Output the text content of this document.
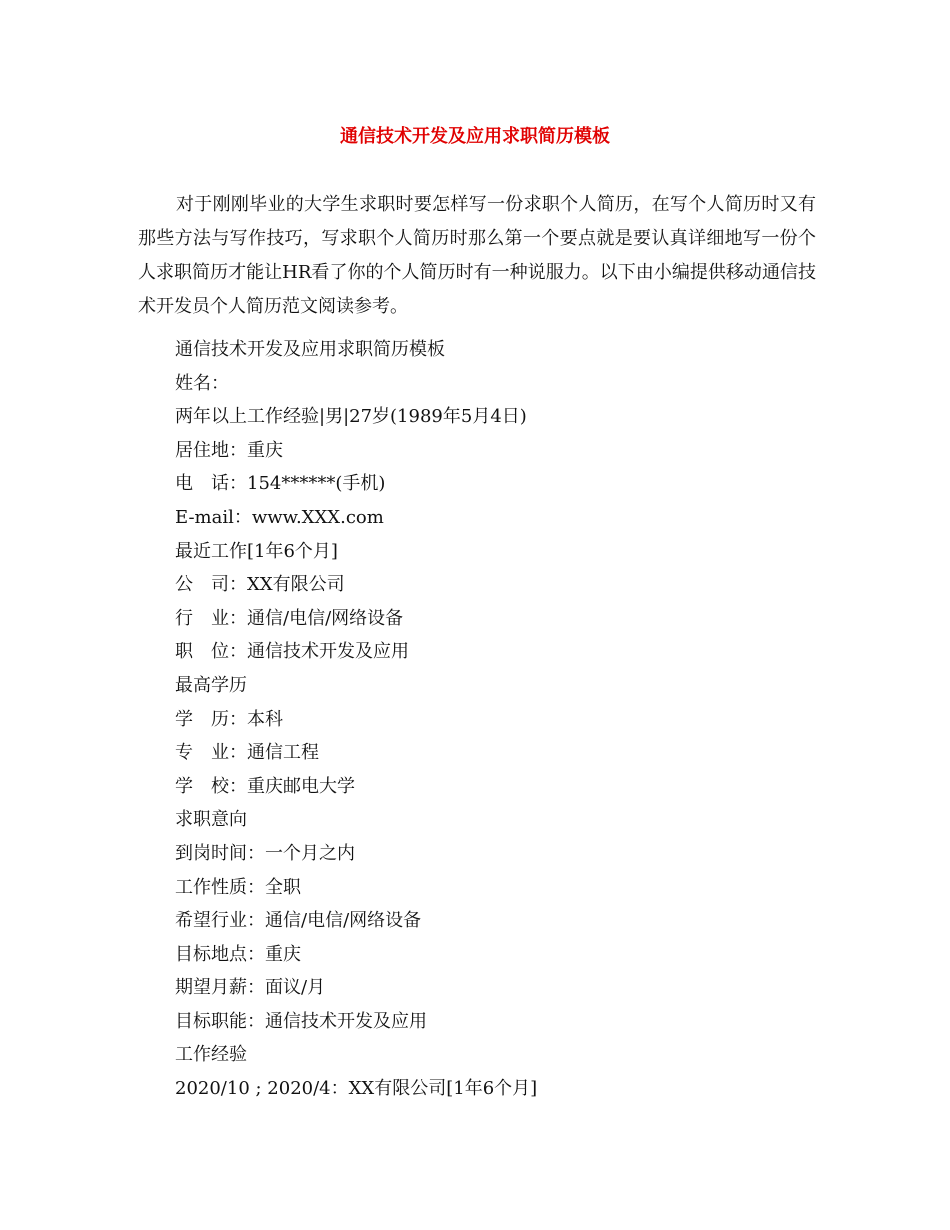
通信技术开发及应用求职简历模板

对于刚刚毕业的大学生求职时要怎样写一份求职个人简历，在写个人简历时又有那些方法与写作技巧，写求职个人简历时那么第一个要点就是要认真详细地写一份个人求职简历才能让HR看了你的个人简历时有一种说服力。以下由小编提供移动通信技术开发员个人简历范文阅读参考。

通信技术开发及应用求职简历模板
姓名：
两年以上工作经验|男|27岁(1989年5月4日)
居住地：重庆
电　话：154******(手机)
E-mail：www.XXX.com
最近工作[1年6个月]
公　司：XX有限公司
行　业：通信/电信/网络设备
职　位：通信技术开发及应用
最高学历
学　历：本科
专　业：通信工程
学　校：重庆邮电大学
求职意向
到岗时间：一个月之内
工作性质：全职
希望行业：通信/电信/网络设备
目标地点：重庆
期望月薪：面议/月
目标职能：通信技术开发及应用
工作经验
2020/10 ; 2020/4：XX有限公司[1年6个月]
